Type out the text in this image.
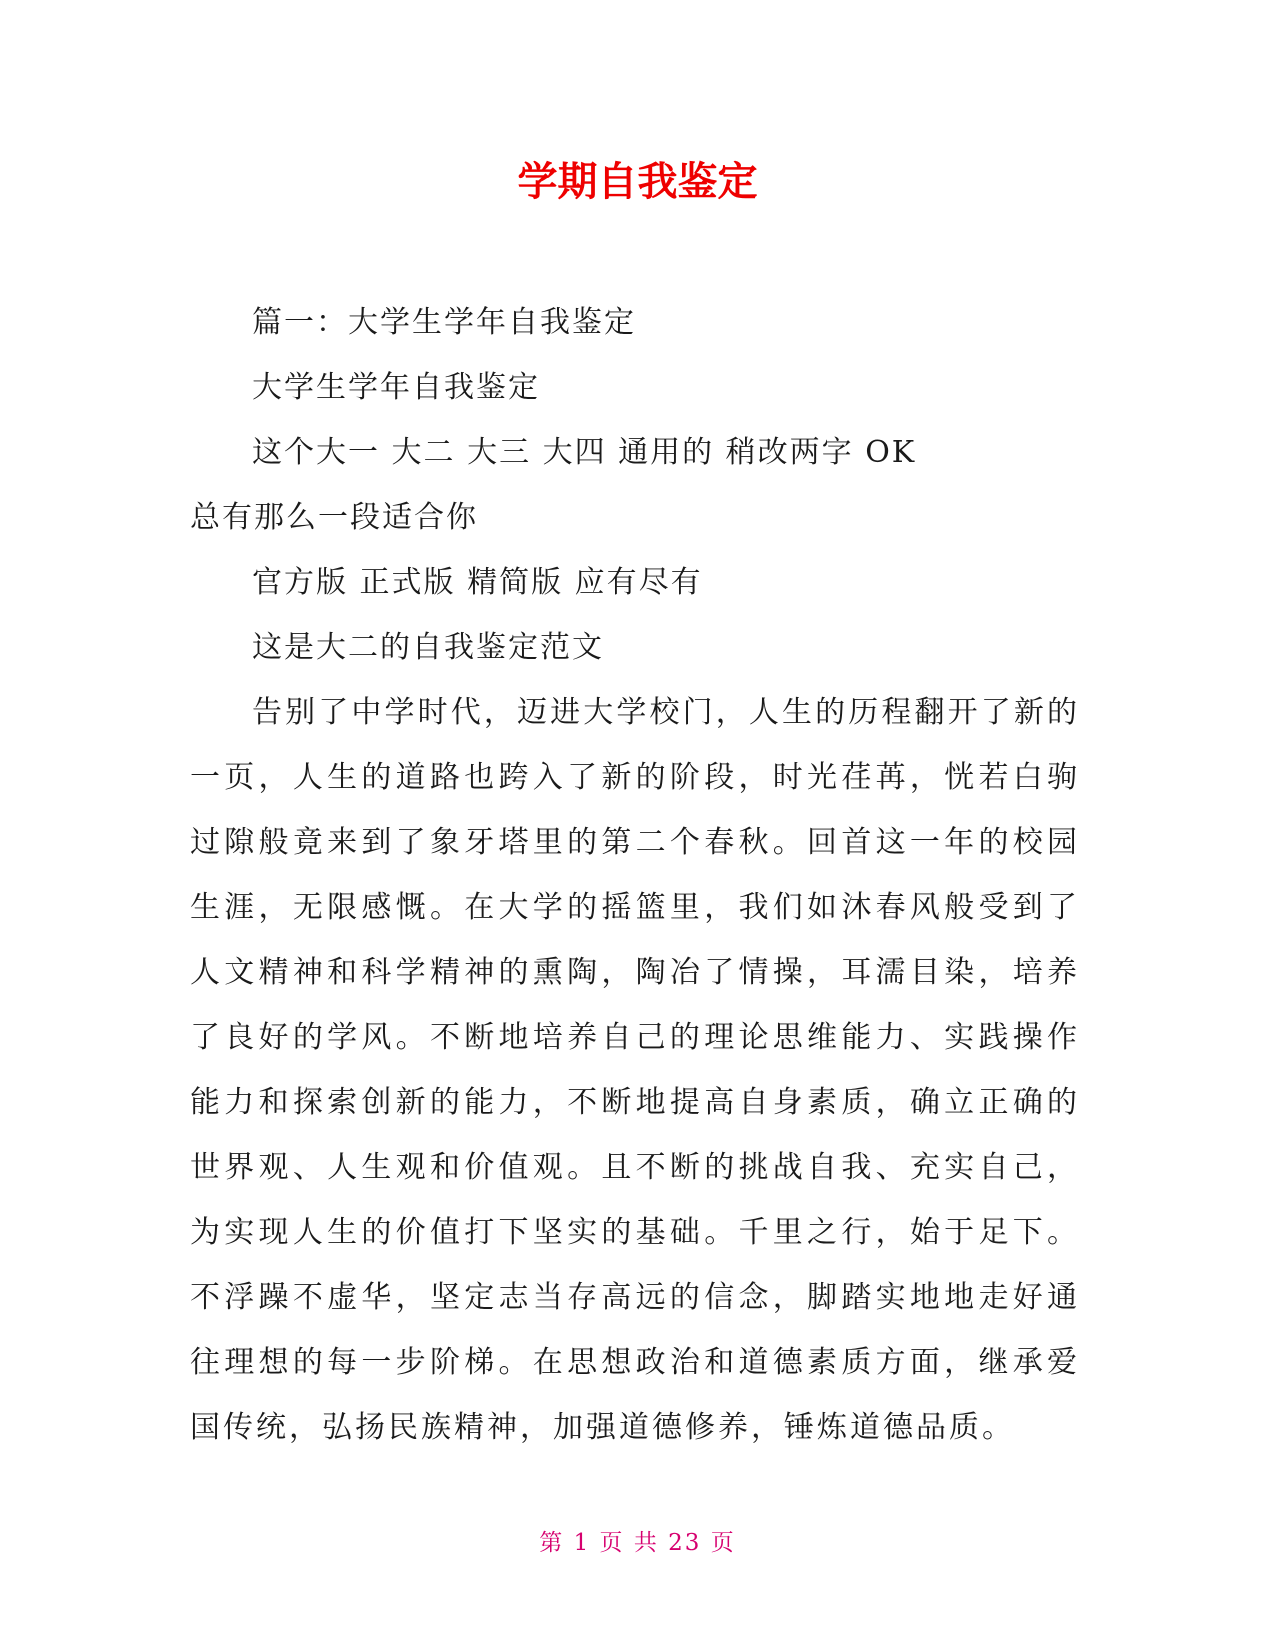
学期自我鉴定

篇一：大学生学年自我鉴定

大学生学年自我鉴定

这个大一 大二 大三 大四 通用的 稍改两字 OK

总有那么一段适合你

官方版 正式版 精简版 应有尽有

这是大二的自我鉴定范文

告别了中学时代，迈进大学校门，人生的历程翻开了新的一页，人生的道路也跨入了新的阶段，时光荏苒，恍若白驹过隙般竟来到了象牙塔里的第二个春秋。回首这一年的校园生涯，无限感慨。在大学的摇篮里，我们如沐春风般受到了人文精神和科学精神的熏陶，陶冶了情操，耳濡目染，培养了良好的学风。不断地培养自己的理论思维能力、实践操作能力和探索创新的能力，不断地提高自身素质，确立正确的世界观、人生观和价值观。且不断的挑战自我、充实自己，为实现人生的价值打下坚实的基础。千里之行，始于足下。不浮躁不虚华，坚定志当存高远的信念，脚踏实地地走好通往理想的每一步阶梯。在思想政治和道德素质方面，继承爱国传统，弘扬民族精神，加强道德修养，锤炼道德品质。

第 1 页 共 23 页
